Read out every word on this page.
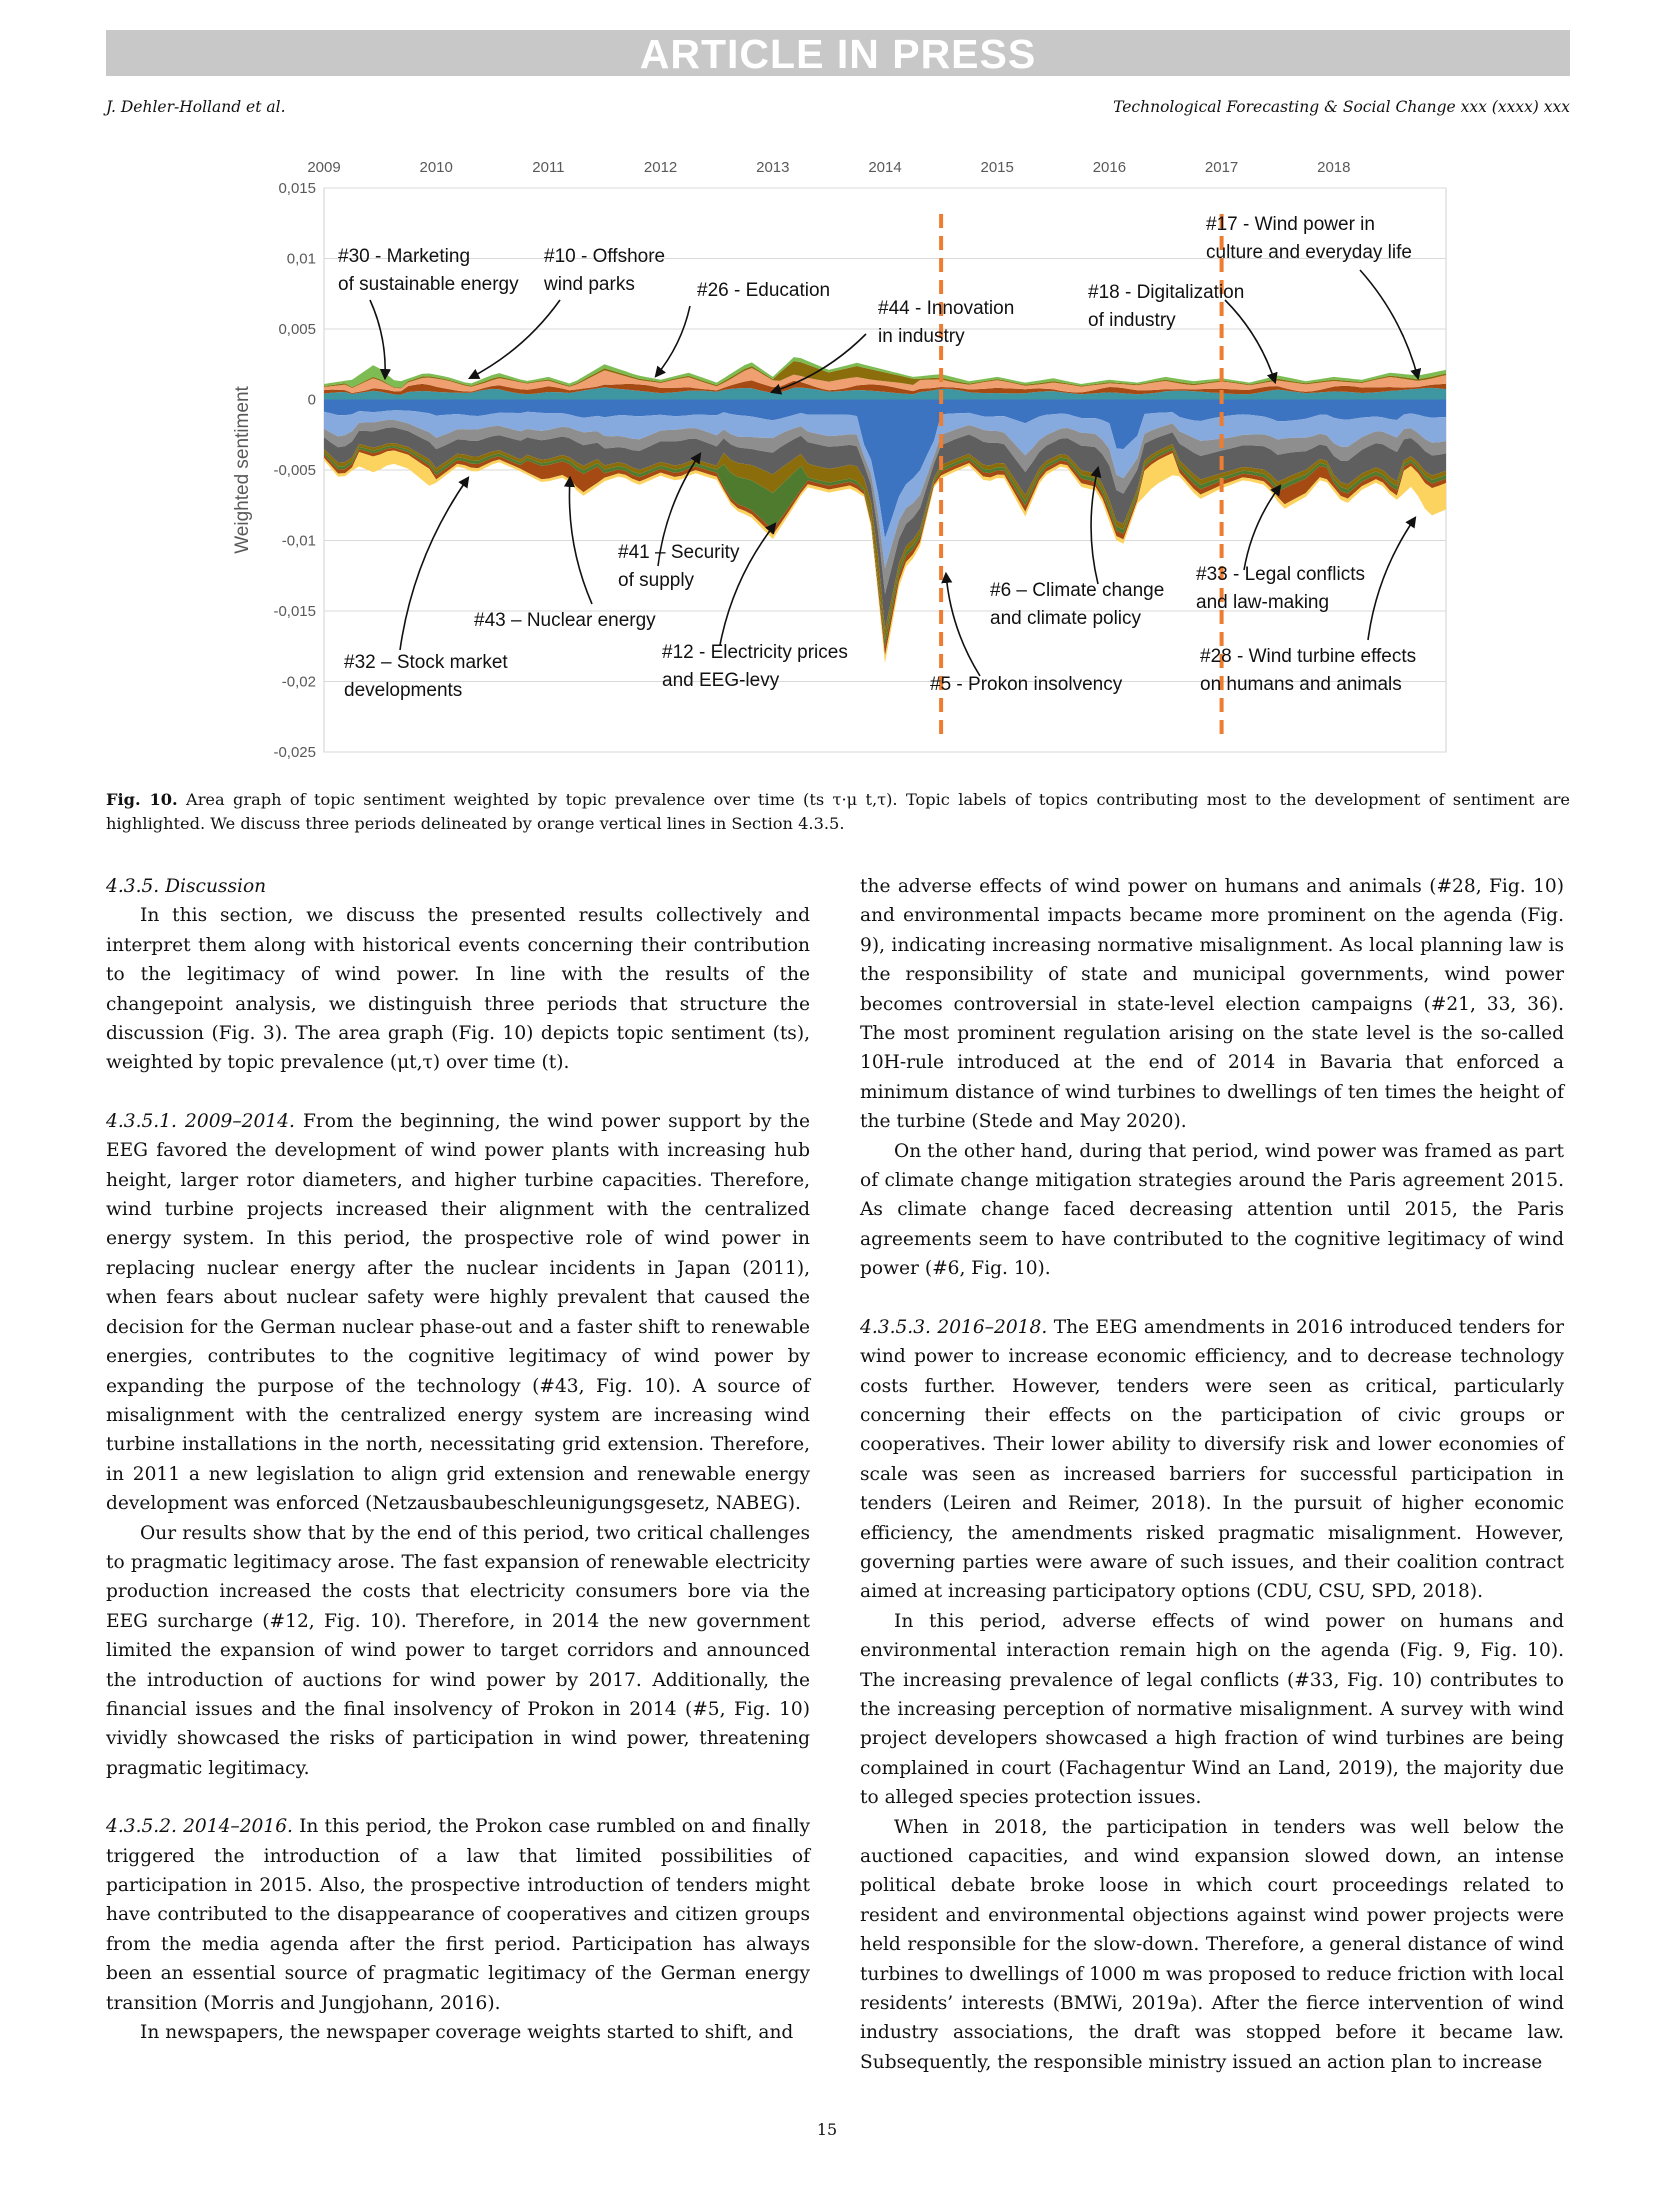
ARTICLE IN PRESS
J. Dehler-Holland et al.	Technological Forecasting & Social Change xxx (xxxx) xxx
2009	2010	2011	2012	2013	2014	2015	2016	2017	2018
0,015
0,01
0,005
0
-0,005
-0,01
-0,015
-0,02
-0,025
Weighted sentiment
#30 - Marketing
of sustainable energy
#10 - Offshore
wind parks	#26 - Education
#44 - Innovation
in industry
#18 - Digitalization
of industry
#17 - Wind power in
culture and everyday life
#41 – Security
of supply
#43 – Nuclear energy
#32 – Stock market
developments
#12 - Electricity prices
and EEG-levy
#6 – Climate change
and climate policy
#5 - Prokon insolvency
#33 - Legal conflicts
and law-making
#28 - Wind turbine effects
on humans and animals
Fig. 10. Area graph of topic sentiment weighted by topic prevalence over time (ts τ·μ t,τ). Topic labels of topics contributing most to the development of sentiment are highlighted. We discuss three periods delineated by orange vertical lines in Section 4.3.5.

4.3.5. Discussion

In this section, we discuss the presented results collectively and interpret them along with historical events concerning their contribution to the legitimacy of wind power. In line with the results of the changepoint analysis, we distinguish three periods that structure the discussion (Fig. 3). The area graph (Fig. 10) depicts topic sentiment (ts), weighted by topic prevalence (μt,τ) over time (t).

4.3.5.1. 2009–2014. From the beginning, the wind power support by the EEG favored the development of wind power plants with increasing hub height, larger rotor diameters, and higher turbine capacities. Therefore, wind turbine projects increased their alignment with the centralized energy system. In this period, the prospective role of wind power in replacing nuclear energy after the nuclear incidents in Japan (2011), when fears about nuclear safety were highly prevalent that caused the decision for the German nuclear phase-out and a faster shift to renewable energies, contributes to the cognitive legitimacy of wind power by expanding the purpose of the technology (#43, Fig. 10). A source of misalignment with the centralized energy system are increasing wind turbine installations in the north, necessitating grid extension. Therefore, in 2011 a new legislation to align grid extension and renewable energy development was enforced (Netzausbaubeschleunigungsgesetz, NABEG).

Our results show that by the end of this period, two critical challenges to pragmatic legitimacy arose. The fast expansion of renewable electricity production increased the costs that electricity consumers bore via the EEG surcharge (#12, Fig. 10). Therefore, in 2014 the new government limited the expansion of wind power to target corridors and announced the introduction of auctions for wind power by 2017. Additionally, the financial issues and the final insolvency of Prokon in 2014 (#5, Fig. 10) vividly showcased the risks of participation in wind power, threatening pragmatic legitimacy.

4.3.5.2. 2014–2016. In this period, the Prokon case rumbled on and finally triggered the introduction of a law that limited possibilities of participation in 2015. Also, the prospective introduction of tenders might have contributed to the disappearance of cooperatives and citizen groups from the media agenda after the first period. Participation has always been an essential source of pragmatic legitimacy of the German energy transition (Morris and Jungjohann, 2016).

In newspapers, the newspaper coverage weights started to shift, and

the adverse effects of wind power on humans and animals (#28, Fig. 10) and environmental impacts became more prominent on the agenda (Fig. 9), indicating increasing normative misalignment. As local planning law is the responsibility of state and municipal governments, wind power becomes controversial in state-level election campaigns (#21, 33, 36). The most prominent regulation arising on the state level is the so-called 10H-rule introduced at the end of 2014 in Bavaria that enforced a minimum distance of wind turbines to dwellings of ten times the height of the turbine (Stede and May 2020).

On the other hand, during that period, wind power was framed as part of climate change mitigation strategies around the Paris agreement 2015. As climate change faced decreasing attention until 2015, the Paris agreements seem to have contributed to the cognitive legitimacy of wind power (#6, Fig. 10).

4.3.5.3. 2016–2018. The EEG amendments in 2016 introduced tenders for wind power to increase economic efficiency, and to decrease technology costs further. However, tenders were seen as critical, particularly concerning their effects on the participation of civic groups or cooperatives. Their lower ability to diversify risk and lower economies of scale was seen as increased barriers for successful participation in tenders (Leiren and Reimer, 2018). In the pursuit of higher economic efficiency, the amendments risked pragmatic misalignment. However, governing parties were aware of such issues, and their coalition contract aimed at increasing participatory options (CDU, CSU, SPD, 2018).

In this period, adverse effects of wind power on humans and environmental interaction remain high on the agenda (Fig. 9, Fig. 10). The increasing prevalence of legal conflicts (#33, Fig. 10) contributes to the increasing perception of normative misalignment. A survey with wind project developers showcased a high fraction of wind turbines are being complained in court (Fachagentur Wind an Land, 2019), the majority due to alleged species protection issues.

When in 2018, the participation in tenders was well below the auctioned capacities, and wind expansion slowed down, an intense political debate broke loose in which court proceedings related to resident and environmental objections against wind power projects were held responsible for the slow-down. Therefore, a general distance of wind turbines to dwellings of 1000 m was proposed to reduce friction with local residents’ interests (BMWi, 2019a). After the fierce intervention of wind industry associations, the draft was stopped before it became law. Subsequently, the responsible ministry issued an action plan to increase

15
